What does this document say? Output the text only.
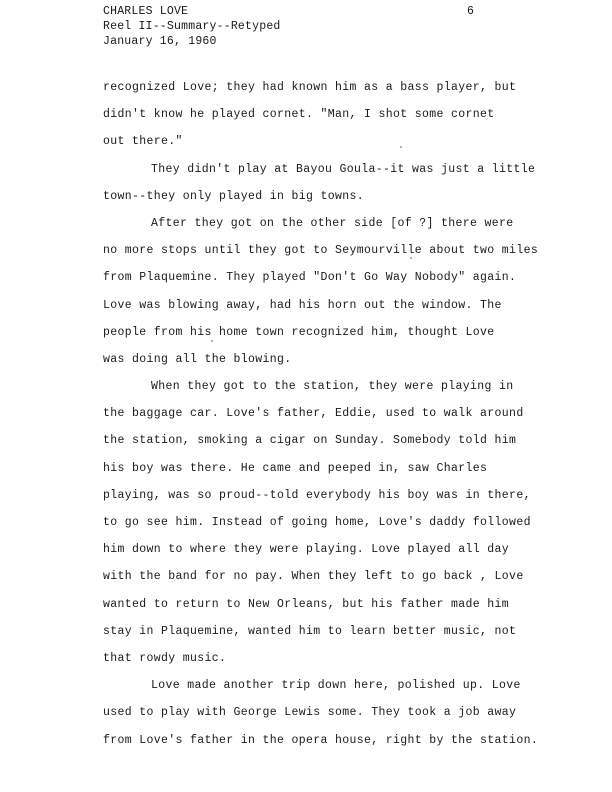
CHARLES LOVE
Reel II--Summary--Retyped
January 16, 1960
6
recognized Love; they had known him as a bass player, but
didn't know he played cornet. "Man, I shot some cornet
out there."
They didn't play at Bayou Goula--it was just a little
town--they only played in big towns.
After they got on the other side [of ?] there were
no more stops until they got to Seymourville about two miles
from Plaquemine. They played "Don't Go Way Nobody" again.
Love was blowing away, had his horn out the window. The
people from his home town recognized him, thought Love
was doing all the blowing.
When they got to the station, they were playing in
the baggage car. Love's father, Eddie, used to walk around
the station, smoking a cigar on Sunday. Somebody told him
his boy was there. He came and peeped in, saw Charles
playing, was so proud--told everybody his boy was in there,
to go see him. Instead of going home, Love's daddy followed
him down to where they were playing. Love played all day
with the band for no pay. When they left to go back , Love
wanted to return to New Orleans, but his father made him
stay in Plaquemine, wanted him to learn better music, not
that rowdy music.
Love made another trip down here, polished up. Love
used to play with George Lewis some. They took a job away
from Love's father in the opera house, right by the station.
